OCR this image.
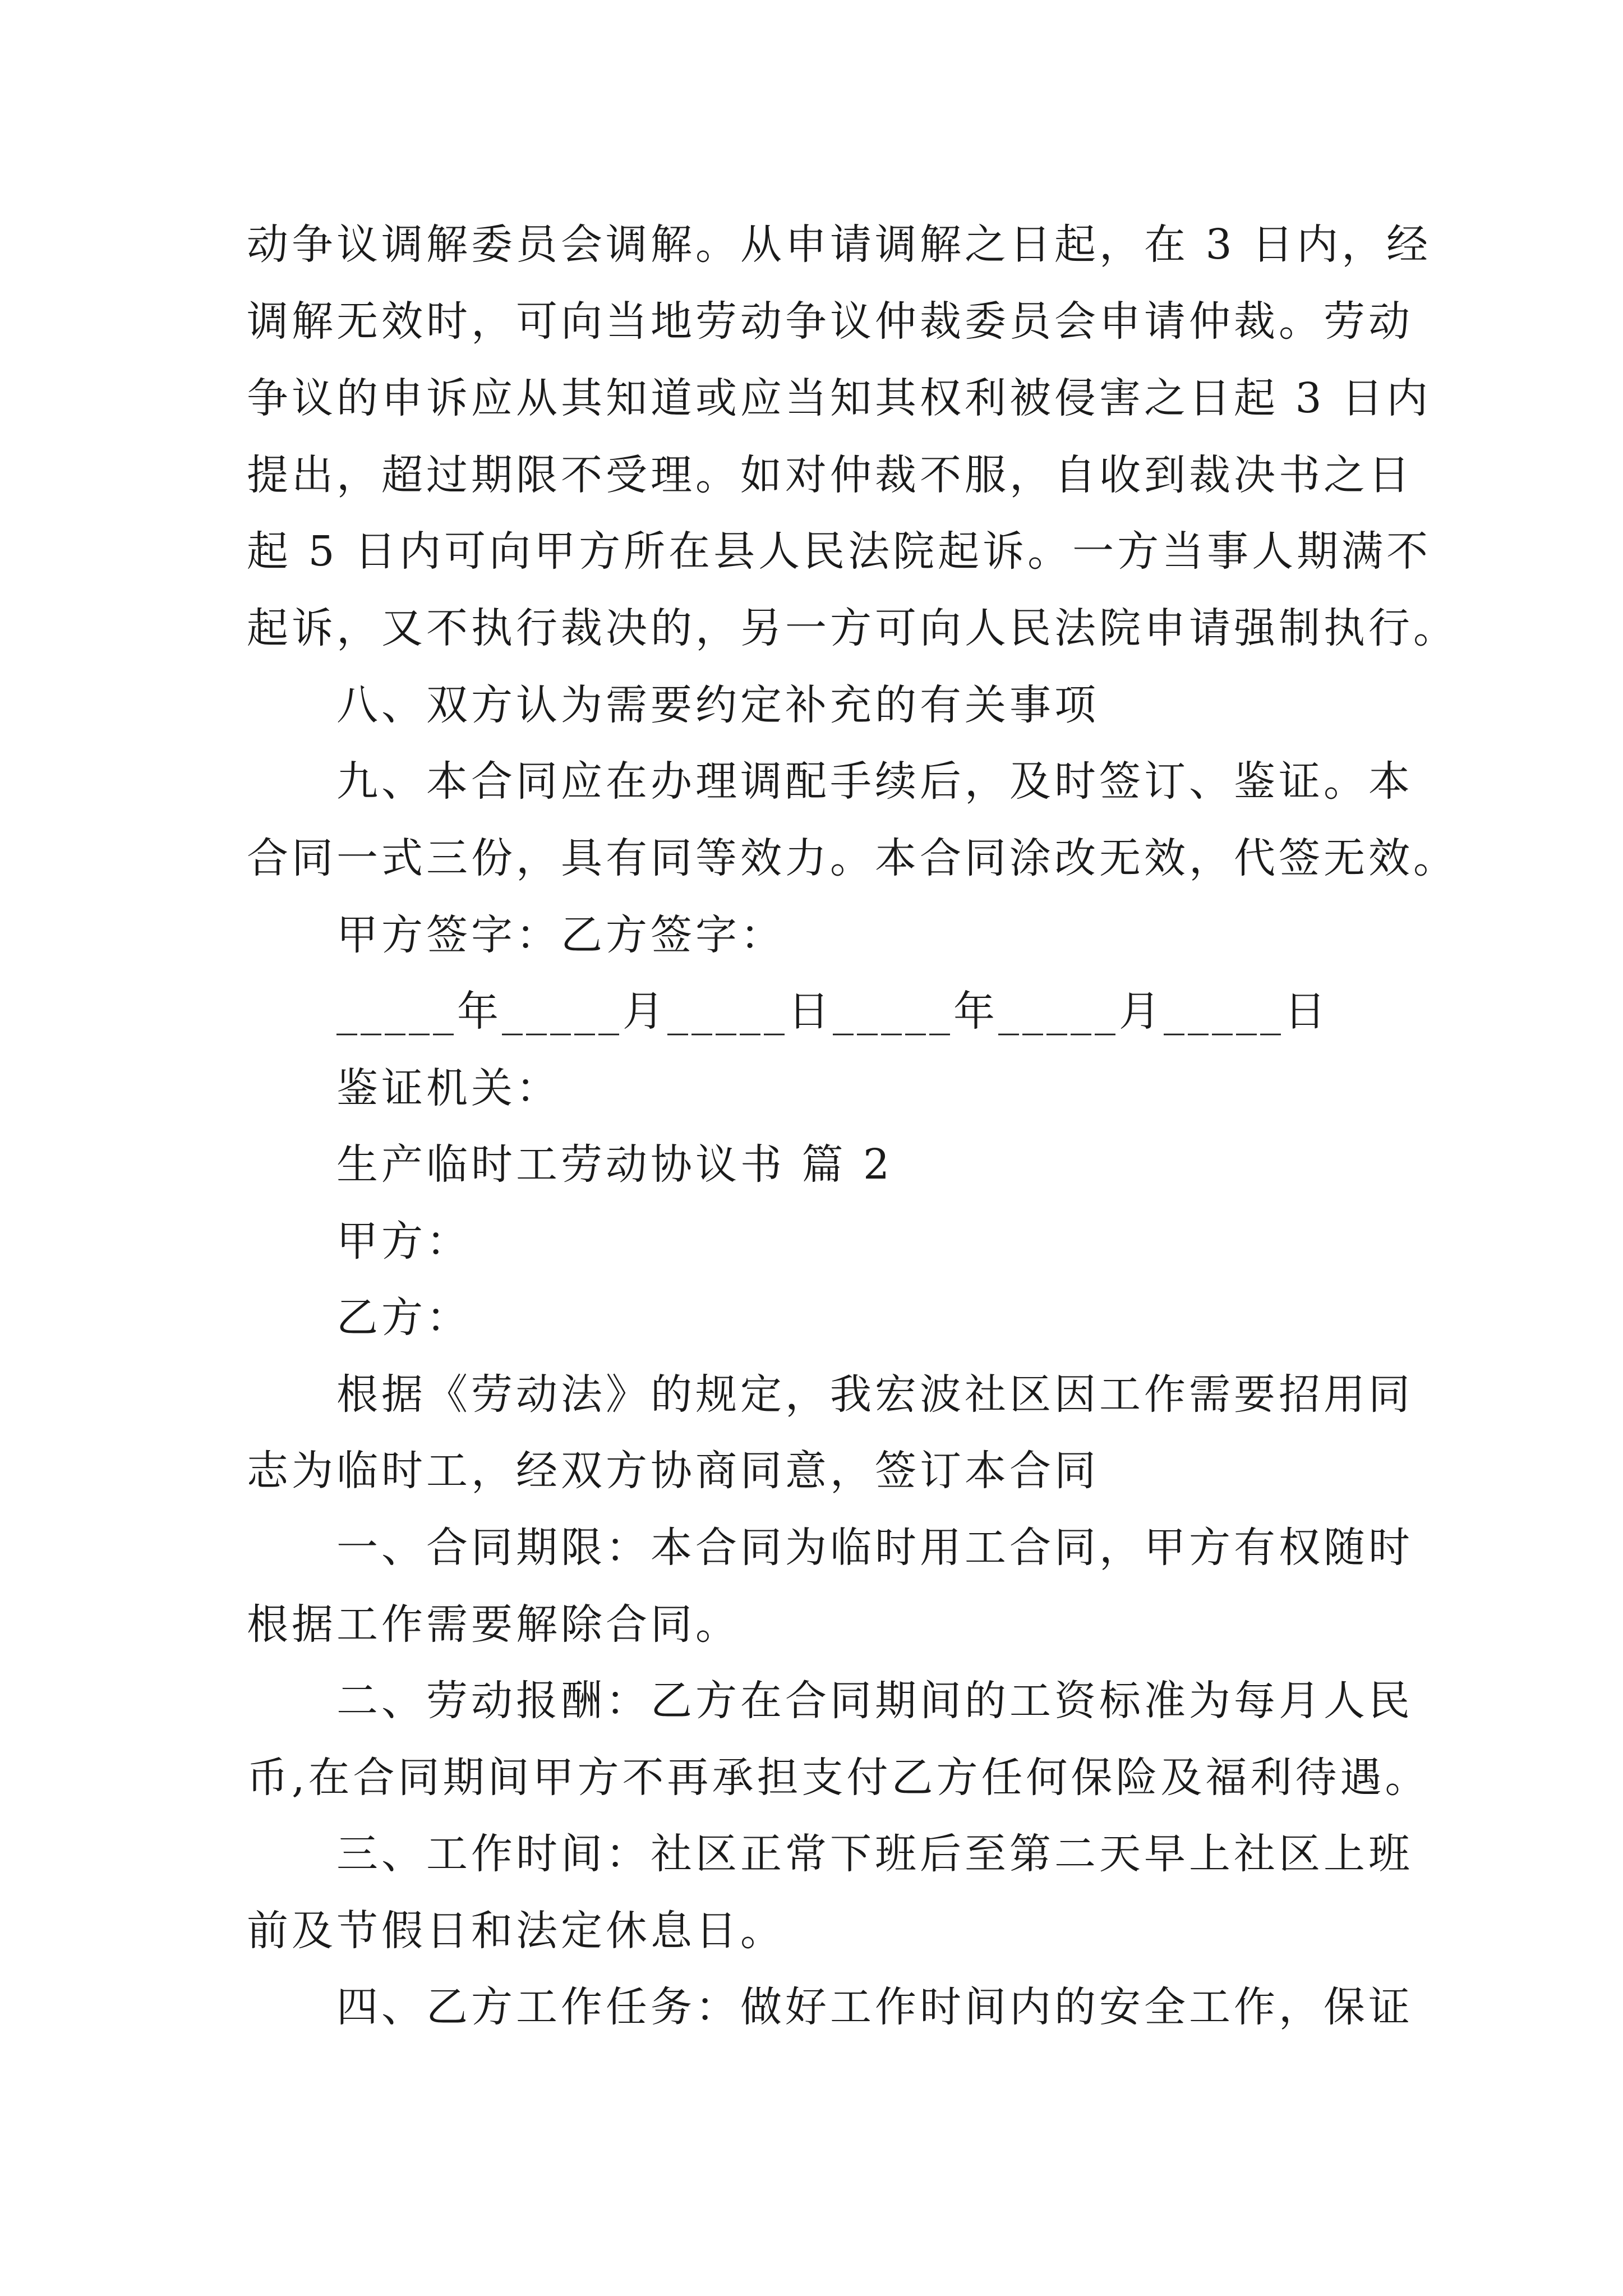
动争议调解委员会调解。从申请调解之日起，在 3 日内，经
调解无效时，可向当地劳动争议仲裁委员会申请仲裁。劳动
争议的申诉应从其知道或应当知其权利被侵害之日起 3 日内
提出，超过期限不受理。如对仲裁不服，自收到裁决书之日
起 5 日内可向甲方所在县人民法院起诉。一方当事人期满不
起诉，又不执行裁决的，另一方可向人民法院申请强制执行。
八、双方认为需要约定补充的有关事项
九、本合同应在办理调配手续后，及时签订、鉴证。本
合同一式三份，具有同等效力。本合同涂改无效，代签无效。
甲方签字：乙方签字：
_____年_____月_____日_____年_____月_____日
鉴证机关：
生产临时工劳动协议书 篇 2
甲方：
乙方：
根据《劳动法》的规定，我宏波社区因工作需要招用同
志为临时工，经双方协商同意，签订本合同
一、合同期限：本合同为临时用工合同，甲方有权随时
根据工作需要解除合同。
二、劳动报酬：乙方在合同期间的工资标准为每月人民
币,在合同期间甲方不再承担支付乙方任何保险及福利待遇。
三、工作时间：社区正常下班后至第二天早上社区上班
前及节假日和法定休息日。
四、乙方工作任务：做好工作时间内的安全工作，保证
